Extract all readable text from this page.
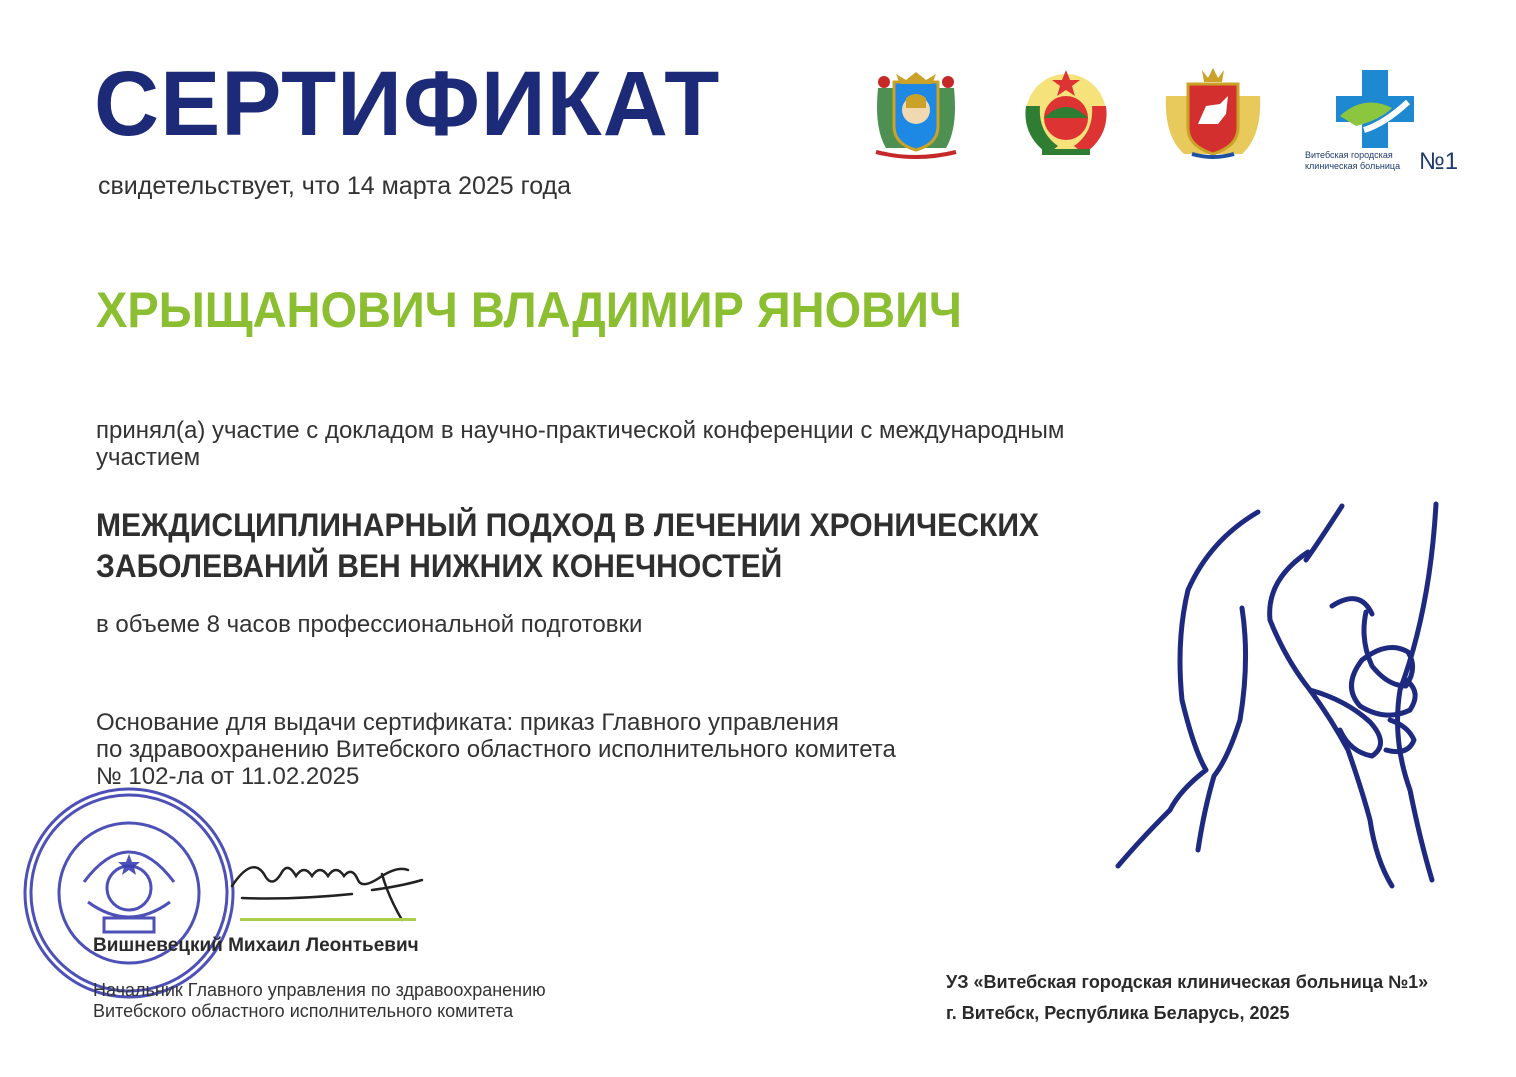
СЕРТИФИКАТ
свидетельствует, что 14 марта 2025 года
Витебская городская клиническая больница №1
ХРЫЩАНОВИЧ ВЛАДИМИР ЯНОВИЧ
принял(а) участие с докладом в научно-практической конференции с международным участием
МЕЖДИСЦИПЛИНАРНЫЙ ПОДХОД В ЛЕЧЕНИИ ХРОНИЧЕСКИХ ЗАБОЛЕВАНИЙ ВЕН НИЖНИХ КОНЕЧНОСТЕЙ
в объеме 8 часов профессиональной подготовки
Основание для выдачи сертификата: приказ Главного управления
по здравоохранению Витебского областного исполнительного комитета
№ 102-ла от 11.02.2025
Вишневецкий Михаил Леонтьевич
Начальник Главного управления по здравоохранению Витебского областного исполнительного комитета
УЗ «Витебская городская клиническая больница №1»
г. Витебск, Республика Беларусь, 2025
